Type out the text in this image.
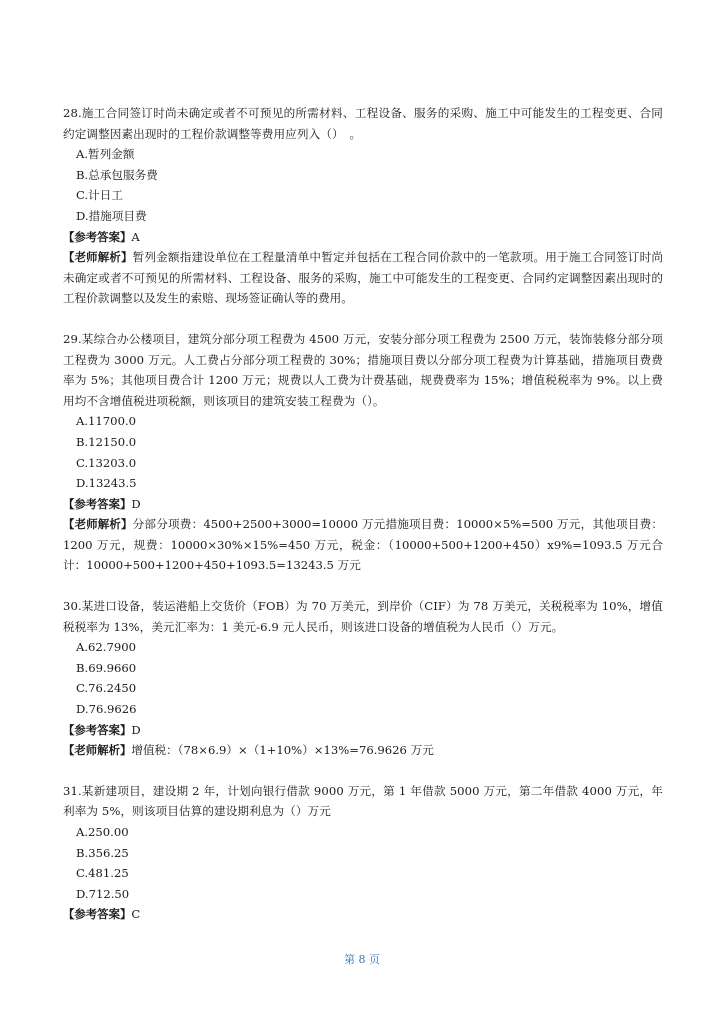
28.施工合同签订时尚未确定或者不可预见的所需材料、工程设备、服务的采购、施工中可能发生的工程变更、合同约定调整因素出现时的工程价款调整等费用应列入（）　。

A.暂列金额
B.总承包服务费
C.计日工
D.措施项目费

【参考答案】A

【老师解析】暂列金额指建设单位在工程量清单中暂定并包括在工程合同价款中的一笔款项。用于施工合同签订时尚未确定或者不可预见的所需材料、工程设备、服务的采购，施工中可能发生的工程变更、合同约定调整因素出现时的工程价款调整以及发生的索赔、现场签证确认等的费用。

29.某综合办公楼项目，建筑分部分项工程费为 4500 万元，安装分部分项工程费为 2500 万元，装饰装修分部分项工程费为 3000 万元。人工费占分部分项工程费的 30%；措施项目费以分部分项工程费为计算基础，措施项目费费率为 5%；其他项目费合计 1200 万元；规费以人工费为计费基础，规费费率为 15%；增值税税率为 9%。以上费用均不含增值税进项税额，则该项目的建筑安装工程费为（）。

A.11700.0
B.12150.0
C.13203.0
D.13243.5

【参考答案】D

【老师解析】分部分项费：4500+2500+3000=10000 万元措施项目费：10000×5%=500 万元，其他项目费：1200 万元，规费：10000×30%×15%=450 万元，税金：（10000+500+1200+450）x9%=1093.5 万元合计：10000+500+1200+450+1093.5=13243.5 万元

30.某进口设备，装运港船上交货价（FOB）为 70 万美元，到岸价（CIF）为 78 万美元，关税税率为 10%，增值税税率为 13%，美元汇率为：1 美元-6.9 元人民币，则该进口设备的增值税为人民币（）万元。

A.62.7900
B.69.9660
C.76.2450
D.76.9626

【参考答案】D

【老师解析】增值税：（78×6.9）×（1+10%）×13%=76.9626 万元

31.某新建项目，建设期 2 年，计划向银行借款 9000 万元，第 1 年借款 5000 万元，第二年借款 4000 万元，年利率为 5%，则该项目估算的建设期利息为（）万元

A.250.00
B.356.25
C.481.25
D.712.50

【参考答案】C

第 8 页
